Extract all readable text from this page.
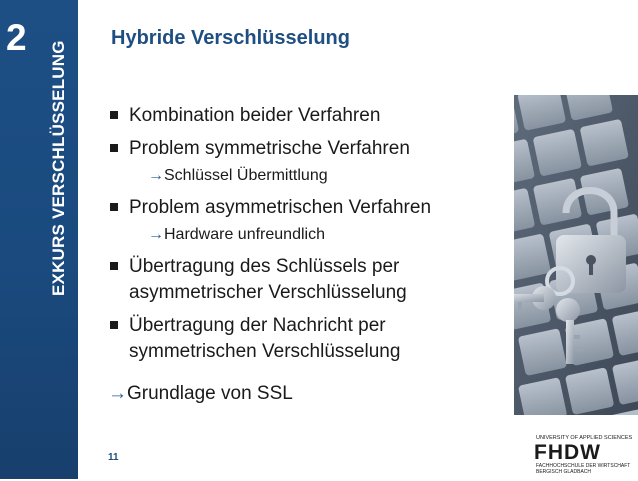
2
EXKURS VERSCHLÜSSELUNG
Hybride Verschlüsselung
Kombination beider Verfahren
Problem symmetrische Verfahren
→Schlüssel Übermittlung
Problem asymmetrischen Verfahren
→Hardware unfreundlich
Übertragung des Schlüssels per asymmetrischer Verschlüsselung
Übertragung der Nachricht per symmetrischen Verschlüsselung
→Grundlage von SSL
11
UNIVERSITY OF APPLIED SCIENCES
FHDW
FACHHOCHSCHULE DER WIRTSCHAFT
BERGISCH GLADBACH
